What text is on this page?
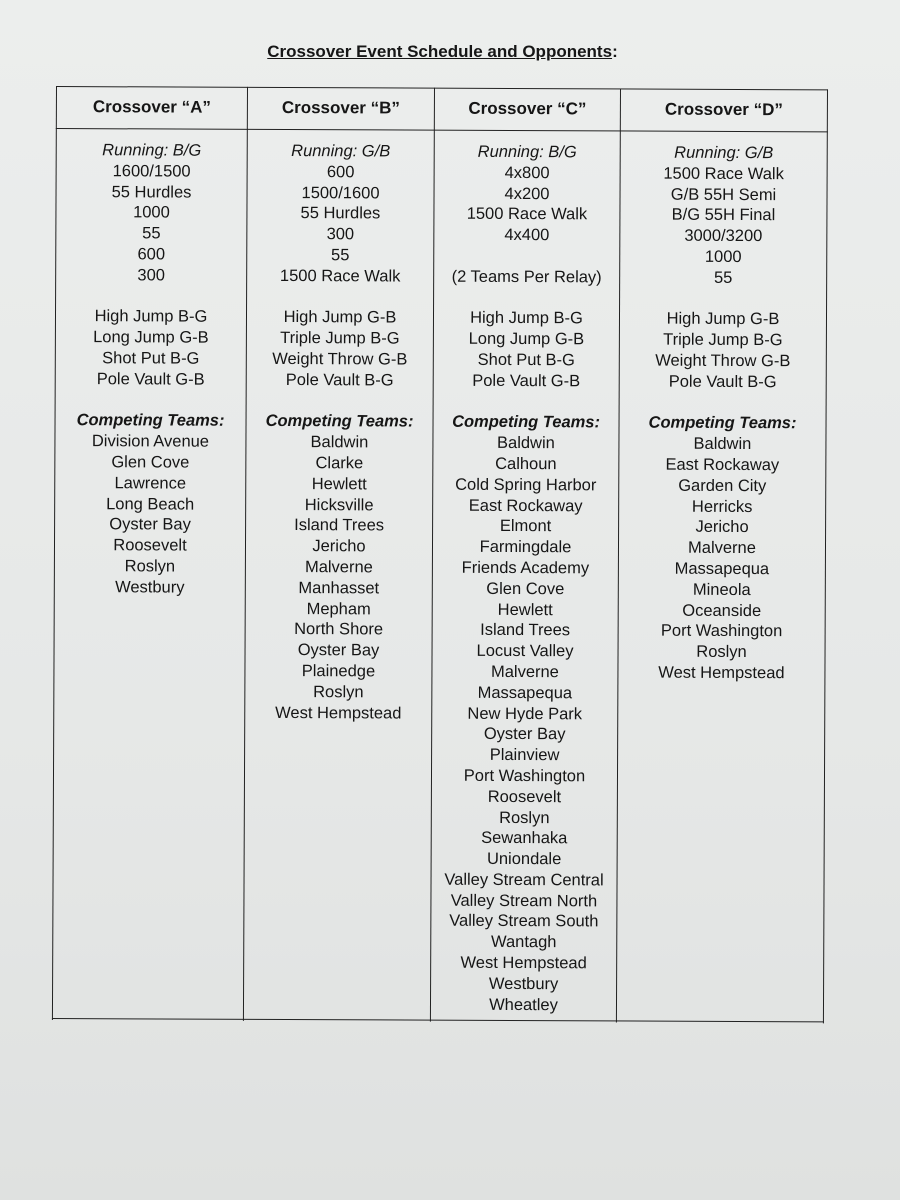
Crossover Event Schedule and Opponents:
Crossover “A”
Running: B/G
1600/1500
55 Hurdles
1000
55
600
300
High Jump B-G
Long Jump G-B
Shot Put B-G
Pole Vault G-B
Competing Teams:
Division Avenue
Glen Cove
Lawrence
Long Beach
Oyster Bay
Roosevelt
Roslyn
Westbury
Crossover “B”
Running: G/B
600
1500/1600
55 Hurdles
300
55
1500 Race Walk
High Jump G-B
Triple Jump B-G
Weight Throw G-B
Pole Vault B-G
Competing Teams:
Baldwin
Clarke
Hewlett
Hicksville
Island Trees
Jericho
Malverne
Manhasset
Mepham
North Shore
Oyster Bay
Plainedge
Roslyn
West Hempstead
Crossover “C”
Running: B/G
4x800
4x200
1500 Race Walk
4x400
(2 Teams Per Relay)
High Jump B-G
Long Jump G-B
Shot Put B-G
Pole Vault G-B
Competing Teams:
Baldwin
Calhoun
Cold Spring Harbor
East Rockaway
Elmont
Farmingdale
Friends Academy
Glen Cove
Hewlett
Island Trees
Locust Valley
Malverne
Massapequa
New Hyde Park
Oyster Bay
Plainview
Port Washington
Roosevelt
Roslyn
Sewanhaka
Uniondale
Valley Stream Central
Valley Stream North
Valley Stream South
Wantagh
West Hempstead
Westbury
Wheatley
Crossover “D”
Running: G/B
1500 Race Walk
G/B 55H Semi
B/G 55H Final
3000/3200
1000
55
High Jump G-B
Triple Jump B-G
Weight Throw G-B
Pole Vault B-G
Competing Teams:
Baldwin
East Rockaway
Garden City
Herricks
Jericho
Malverne
Massapequa
Mineola
Oceanside
Port Washington
Roslyn
West Hempstead
